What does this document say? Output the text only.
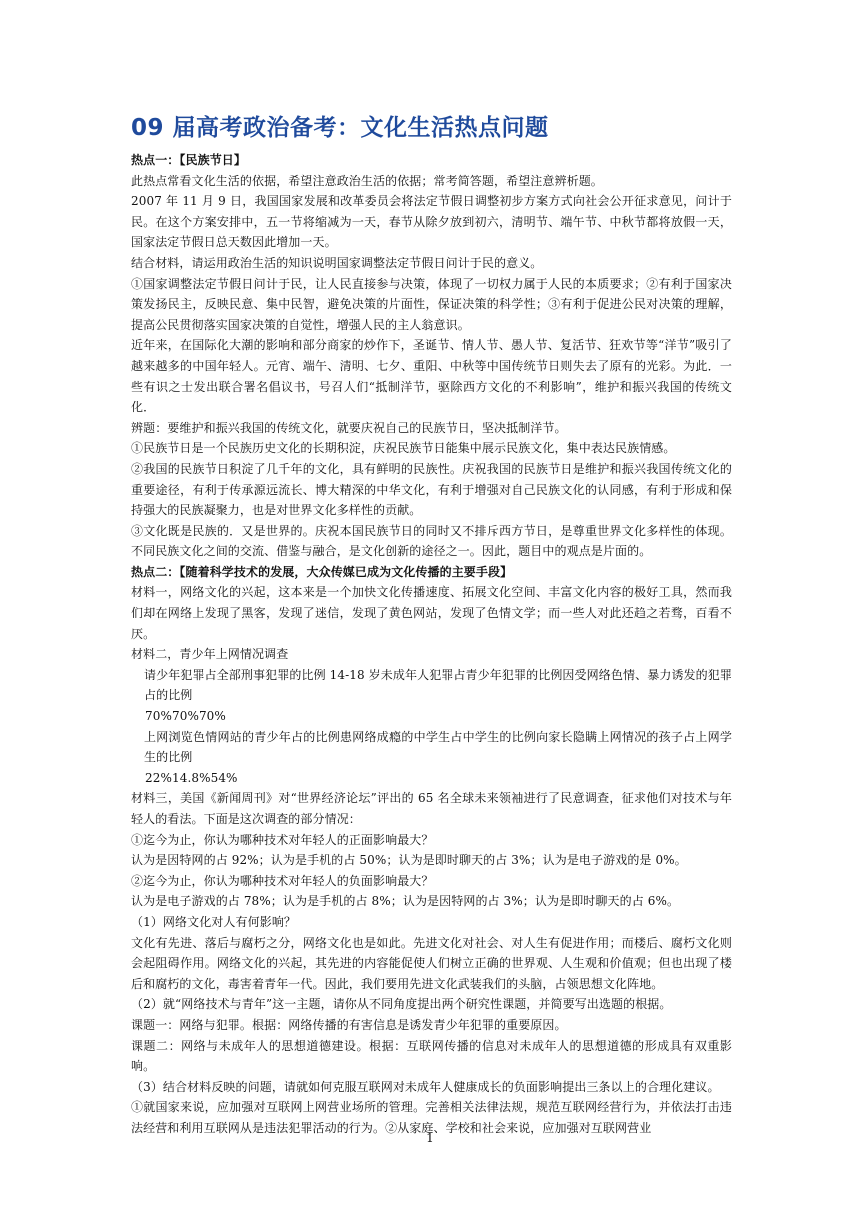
09 届高考政治备考：文化生活热点问题

热点一：【民族节日】

此热点常看文化生活的依据，希望注意政治生活的依据；常考简答题，希望注意辨析题。

2007 年 11 月 9 日，我国国家发展和改革委员会将法定节假日调整初步方案方式向社会公开征求意见，问计于民。在这个方案安排中，五一节将缩减为一天，春节从除夕放到初六，清明节、端午节、中秋节都将放假一天，国家法定节假日总天数因此增加一天。

结合材料，请运用政治生活的知识说明国家调整法定节假日问计于民的意义。

①国家调整法定节假日问计于民，让人民直接参与决策，体现了一切权力属于人民的本质要求；②有利于国家决策发扬民主，反映民意、集中民智，避免决策的片面性，保证决策的科学性；③有利于促进公民对决策的理解，提高公民贯彻落实国家决策的自觉性，增强人民的主人翁意识。

近年来，在国际化大潮的影响和部分商家的炒作下，圣诞节、情人节、愚人节、复活节、狂欢节等“洋节”吸引了越来越多的中国年轻人。元宵、端午、清明、七夕、重阳、中秋等中国传统节日则失去了原有的光彩。为此．一些有识之士发出联合署名倡议书，号召人们“抵制洋节，驱除西方文化的不利影响”，维护和振兴我国的传统文化．

辨题：要维护和振兴我国的传统文化，就要庆祝自己的民族节日，坚决抵制洋节。

①民族节日是一个民族历史文化的长期积淀，庆祝民族节日能集中展示民族文化，集中表达民族情感。

②我国的民族节日积淀了几千年的文化，具有鲜明的民族性。庆祝我国的民族节日是维护和振兴我国传统文化的重要途径，有利于传承源远流长、博大精深的中华文化，有利于增强对自己民族文化的认同感，有利于形成和保持强大的民族凝聚力，也是对世界文化多样性的贡献。

③文化既是民族的．又是世界的。庆祝本国民族节日的同时又不排斥西方节日，是尊重世界文化多样性的体现。不同民族文化之间的交流、借鉴与融合，是文化创新的途径之一。因此，题目中的观点是片面的。

热点二：【随着科学技术的发展，大众传媒已成为文化传播的主要手段】

材料一，网络文化的兴起，这本来是一个加快文化传播速度、拓展文化空间、丰富文化内容的极好工具，然而我们却在网络上发现了黑客，发现了迷信，发现了黄色网站，发现了色情文学；而一些人对此还趋之若骛，百看不厌。

材料二，青少年上网情况调查

请少年犯罪占全部刑事犯罪的比例 14-18 岁未成年人犯罪占青少年犯罪的比例因受网络色情、暴力诱发的犯罪占的比例

70%70%70%

上网浏览色情网站的青少年占的比例患网络成瘾的中学生占中学生的比例向家长隐瞒上网情况的孩子占上网学生的比例

22%14.8%54%

材料三，美国《新闻周刊》对“世界经济论坛”评出的 65 名全球未来领袖进行了民意调查，征求他们对技术与年轻人的看法。下面是这次调查的部分情况：

①迄今为止，你认为哪种技术对年轻人的正面影响最大？

认为是因特网的占 92%；认为是手机的占 50%；认为是即时聊天的占 3%；认为是电子游戏的是 0%。

②迄今为止，你认为哪种技术对年轻人的负面影响最大？

认为是电子游戏的占 78%；认为是手机的占 8%；认为是因特网的占 3%；认为是即时聊天的占 6%。

（1）网络文化对人有何影响？

文化有先进、落后与腐朽之分，网络文化也是如此。先进文化对社会、对人生有促进作用；而楼后、腐朽文化则会起阻碍作用。网络文化的兴起，其先进的内容能促使人们树立正确的世界观、人生观和价值观；但也出现了楼后和腐朽的文化，毒害着青年一代。因此，我们要用先进文化武装我们的头脑，占领思想文化阵地。

（2）就“网络技术与青年”这一主题，请你从不同角度提出两个研究性课题，并简要写出选题的根据。

课题一：网络与犯罪。根据：网络传播的有害信息是诱发青少年犯罪的重要原因。

课题二：网络与未成年人的思想道德建设。根据：互联网传播的信息对未成年人的思想道德的形成具有双重影响。

（3）结合材料反映的问题，请就如何克服互联网对未成年人健康成长的负面影响提出三条以上的合理化建议。

①就国家来说，应加强对互联网上网营业场所的管理。完善相关法律法规，规范互联网经营行为，并依法打击违法经营和利用互联网从是违法犯罪活动的行为。②从家庭、学校和社会来说，应加强对互联网营业

1
